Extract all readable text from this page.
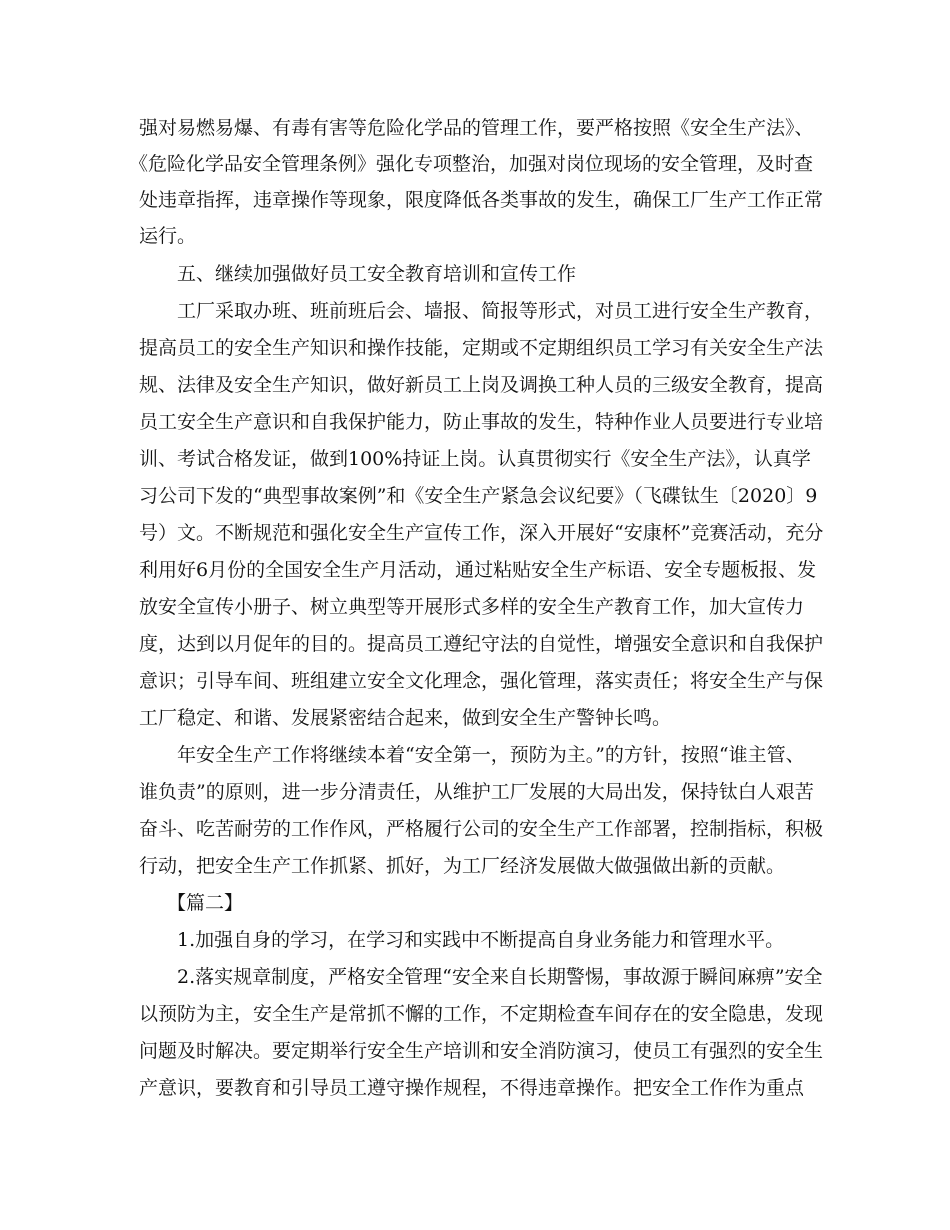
强对易燃易爆、有毒有害等危险化学品的管理工作，要严格按照《安全生产法》、
《危险化学品安全管理条例》强化专项整治，加强对岗位现场的安全管理，及时查
处违章指挥，违章操作等现象，限度降低各类事故的发生，确保工厂生产工作正常
运行。
五、继续加强做好员工安全教育培训和宣传工作
工厂采取办班、班前班后会、墙报、简报等形式，对员工进行安全生产教育，
提高员工的安全生产知识和操作技能，定期或不定期组织员工学习有关安全生产法
规、法律及安全生产知识，做好新员工上岗及调换工种人员的三级安全教育，提高
员工安全生产意识和自我保护能力，防止事故的发生，特种作业人员要进行专业培
训、考试合格发证，做到100%持证上岗。认真贯彻实行《安全生产法》，认真学
习公司下发的“典型事故案例”和《安全生产紧急会议纪要》（飞碟钛生〔2020〕9
号）文。不断规范和强化安全生产宣传工作，深入开展好“安康杯”竞赛活动，充分
利用好6月份的全国安全生产月活动，通过粘贴安全生产标语、安全专题板报、发
放安全宣传小册子、树立典型等开展形式多样的安全生产教育工作，加大宣传力
度，达到以月促年的目的。提高员工遵纪守法的自觉性，增强安全意识和自我保护
意识；引导车间、班组建立安全文化理念，强化管理，落实责任；将安全生产与保
工厂稳定、和谐、发展紧密结合起来，做到安全生产警钟长鸣。
年安全生产工作将继续本着“安全第一，预防为主。”的方针，按照“谁主管、
谁负责”的原则，进一步分清责任，从维护工厂发展的大局出发，保持钛白人艰苦
奋斗、吃苦耐劳的工作作风，严格履行公司的安全生产工作部署，控制指标，积极
行动，把安全生产工作抓紧、抓好，为工厂经济发展做大做强做出新的贡献。
【篇二】
1.加强自身的学习，在学习和实践中不断提高自身业务能力和管理水平。
2.落实规章制度，严格安全管理“安全来自长期警惕，事故源于瞬间麻痹”安全
以预防为主，安全生产是常抓不懈的工作，不定期检查车间存在的安全隐患，发现
问题及时解决。要定期举行安全生产培训和安全消防演习，使员工有强烈的安全生
产意识，要教育和引导员工遵守操作规程，不得违章操作。把安全工作作为重点
